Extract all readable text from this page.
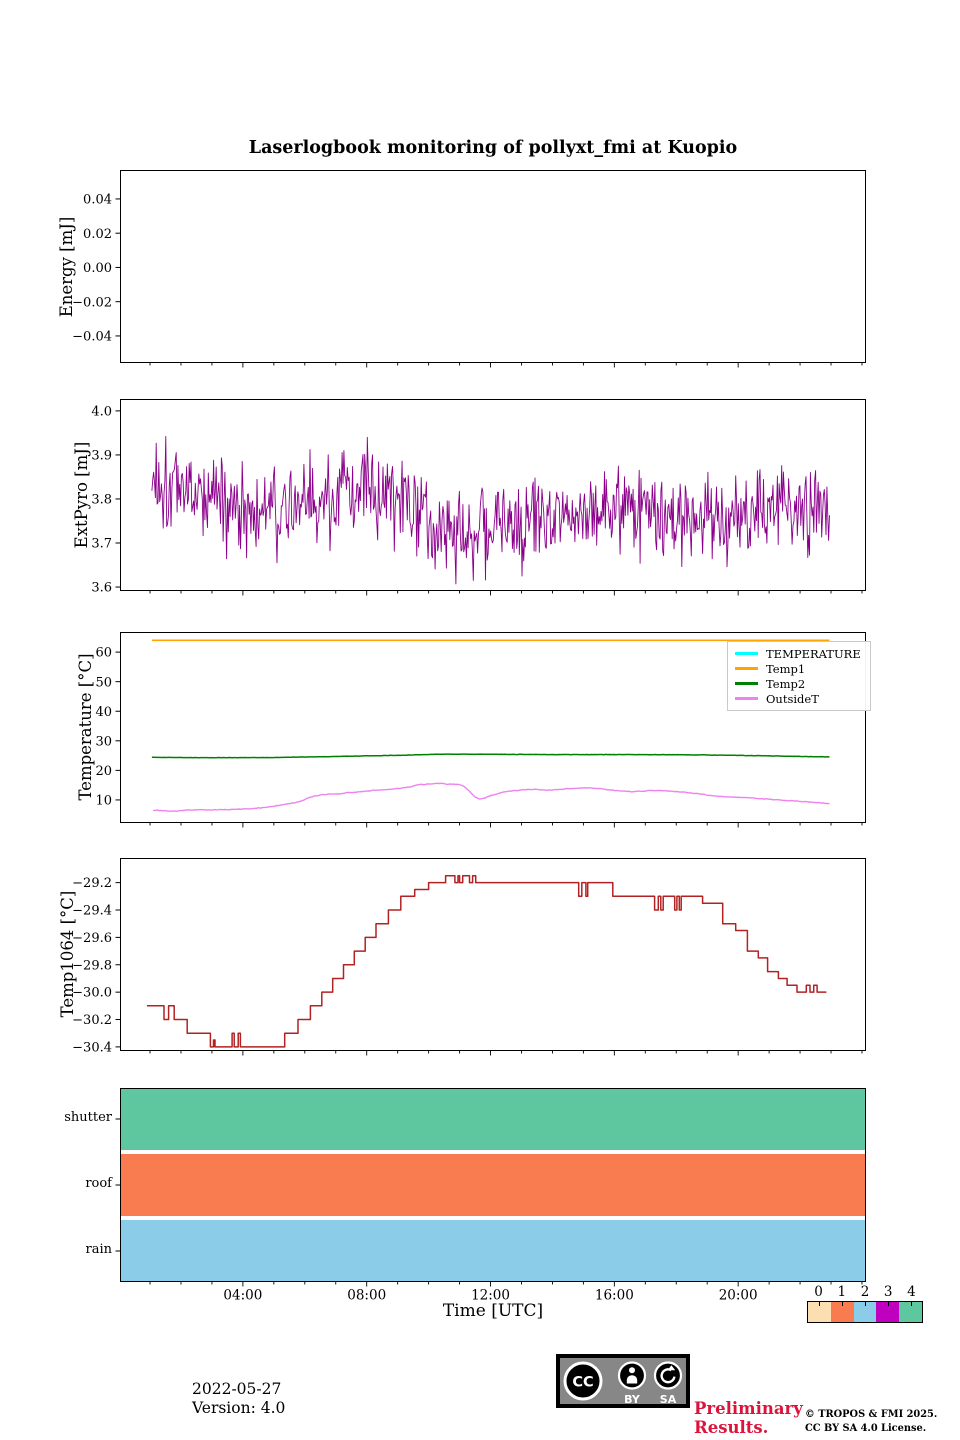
0.04
0.02
0.00
−0.02
−0.04
4.0
3.9
3.8
3.7
3.6
60
50
40
30
20
10
−29.2
−29.4
−29.6
−29.8
−30.0
−30.2
−30.4
04:00	08:00	12:00	16:00	20:00
Laserlogbook monitoring of pollyxt_fmi at Kuopio
Energy [mJ]
ExtPyro [mJ]
Temperature [°C]
Temp1064 [°C]
shutter
roof
rain
Time [UTC]
TEMPERATURE
Temp1
Temp2
OutsideT
0	1	2	3	4
2022-05-27
Version: 4.0
CC
BY SA Preliminary Results.
© TROPOS & FMI 2025.
CC BY SA 4.0 License.
